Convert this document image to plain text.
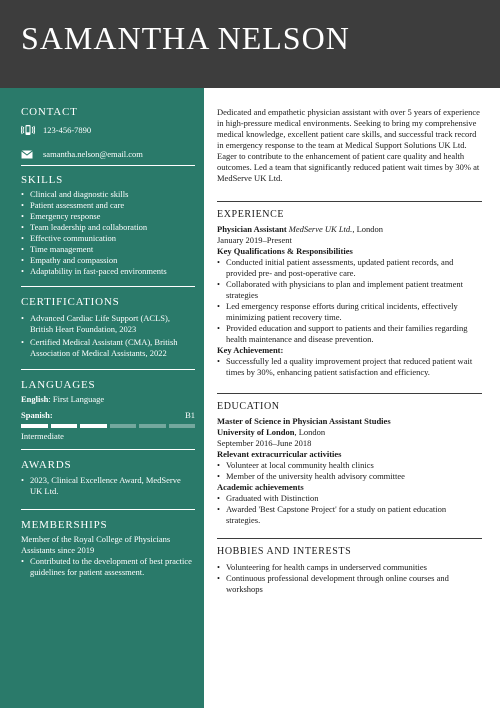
SAMANTHA NELSON
CONTACT
123-456-7890
samantha.nelson@email.com
SKILLS
• Clinical and diagnostic skills
• Patient assessment and care
• Emergency response
• Team leadership and collaboration
• Effective communication
• Time management
• Empathy and compassion
• Adaptability in fast-paced environments
CERTIFICATIONS
• Advanced Cardiac Life Support (ACLS), British Heart Foundation, 2023
• Certified Medical Assistant (CMA), British Association of Medical Assistants, 2022
LANGUAGES
English: First Language
Spanish:	B1
Intermediate
AWARDS
• 2023, Clinical Excellence Award, MedServe UK Ltd.
MEMBERSHIPS
Member of the Royal College of Physicians Assistants since 2019
• Contributed to the development of best practice guidelines for patient assessment.

Dedicated and empathetic physician assistant with over 5 years of experience in high-pressure medical environments. Seeking to bring my comprehensive medical knowledge, excellent patient care skills, and successful track record in emergency response to the team at Medical Support Solutions UK Ltd. Eager to contribute to the enhancement of patient care quality and health outcomes. Led a team that significantly reduced patient wait times by 30% at MedServe UK Ltd.

EXPERIENCE

Physician Assistant MedServe UK Ltd., London

January 2019–Present

Key Qualifications & Responsibilities

• Conducted initial patient assessments, updated patient records, and provided pre- and post-operative care.
• Collaborated with physicians to plan and implement patient treatment strategies
• Led emergency response efforts during critical incidents, effectively minimizing patient recovery time.
• Provided education and support to patients and their families regarding health maintenance and disease prevention.

Key Achievement:

• Successfully led a quality improvement project that reduced patient wait times by 30%, enhancing patient satisfaction and efficiency.
EDUCATION

Master of Science in Physician Assistant Studies

University of London, London

September 2016–June 2018

Relevant extracurricular activities

• Volunteer at local community health clinics
• Member of the university health advisory committee

Academic achievements

• Graduated with Distinction
• Awarded 'Best Capstone Project' for a study on patient education strategies.
HOBBIES AND INTERESTS
• Volunteering for health camps in underserved communities
• Continuous professional development through online courses and workshops
